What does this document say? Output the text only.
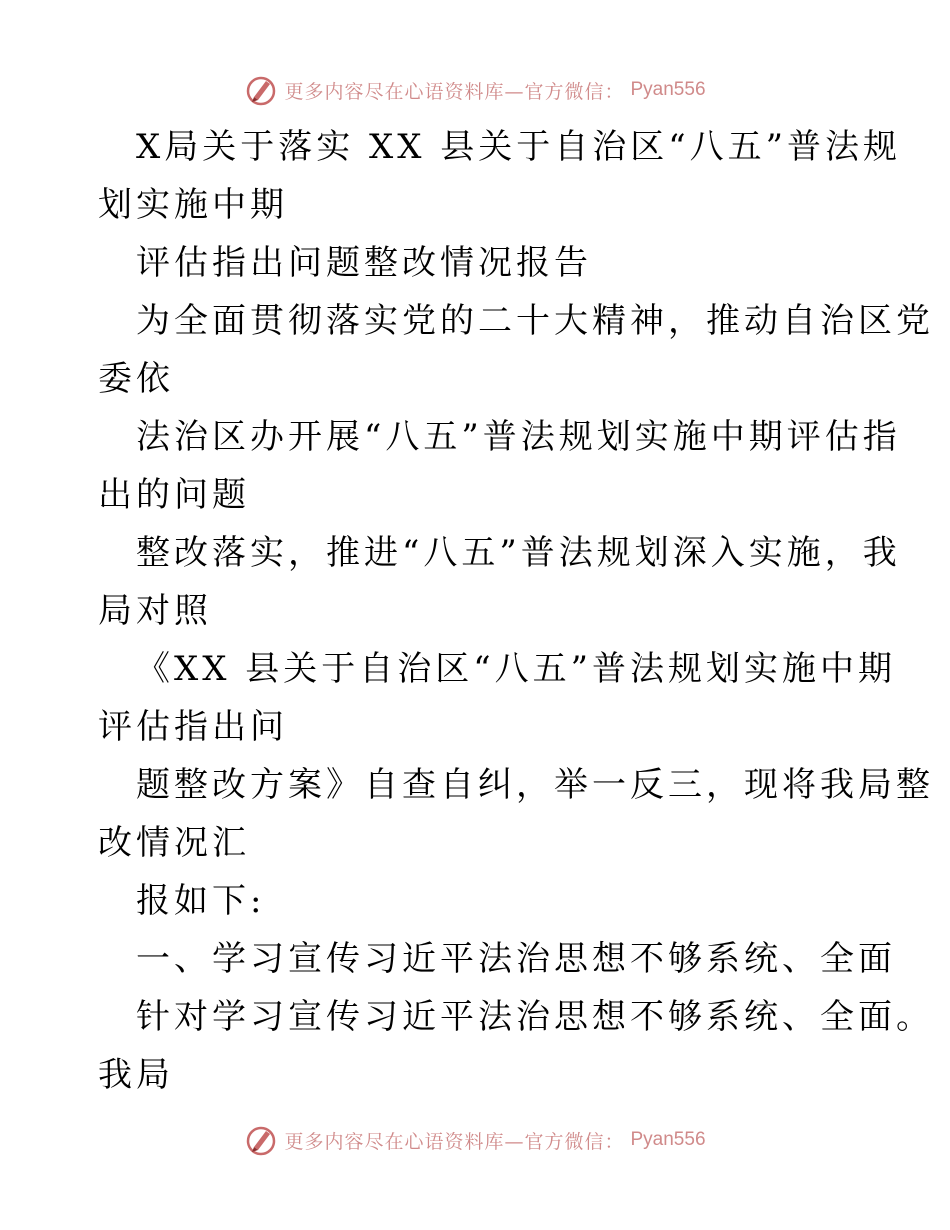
更多内容尽在心语资料库—官方微信： Pyan556
X局关于落实 XX 县关于自治区“八五”普法规
划实施中期
评估指出问题整改情况报告
为全面贯彻落实党的二十大精神，推动自治区党
委依
法治区办开展“八五”普法规划实施中期评估指
出的问题
整改落实，推进“八五”普法规划深入实施，我
局对照
《XX 县关于自治区“八五”普法规划实施中期
评估指出问
题整改方案》自查自纠，举一反三，现将我局整
改情况汇
报如下:
一、学习宣传习近平法治思想不够系统、全面
针对学习宣传习近平法治思想不够系统、全面。
我局
更多内容尽在心语资料库—官方微信： Pyan556
